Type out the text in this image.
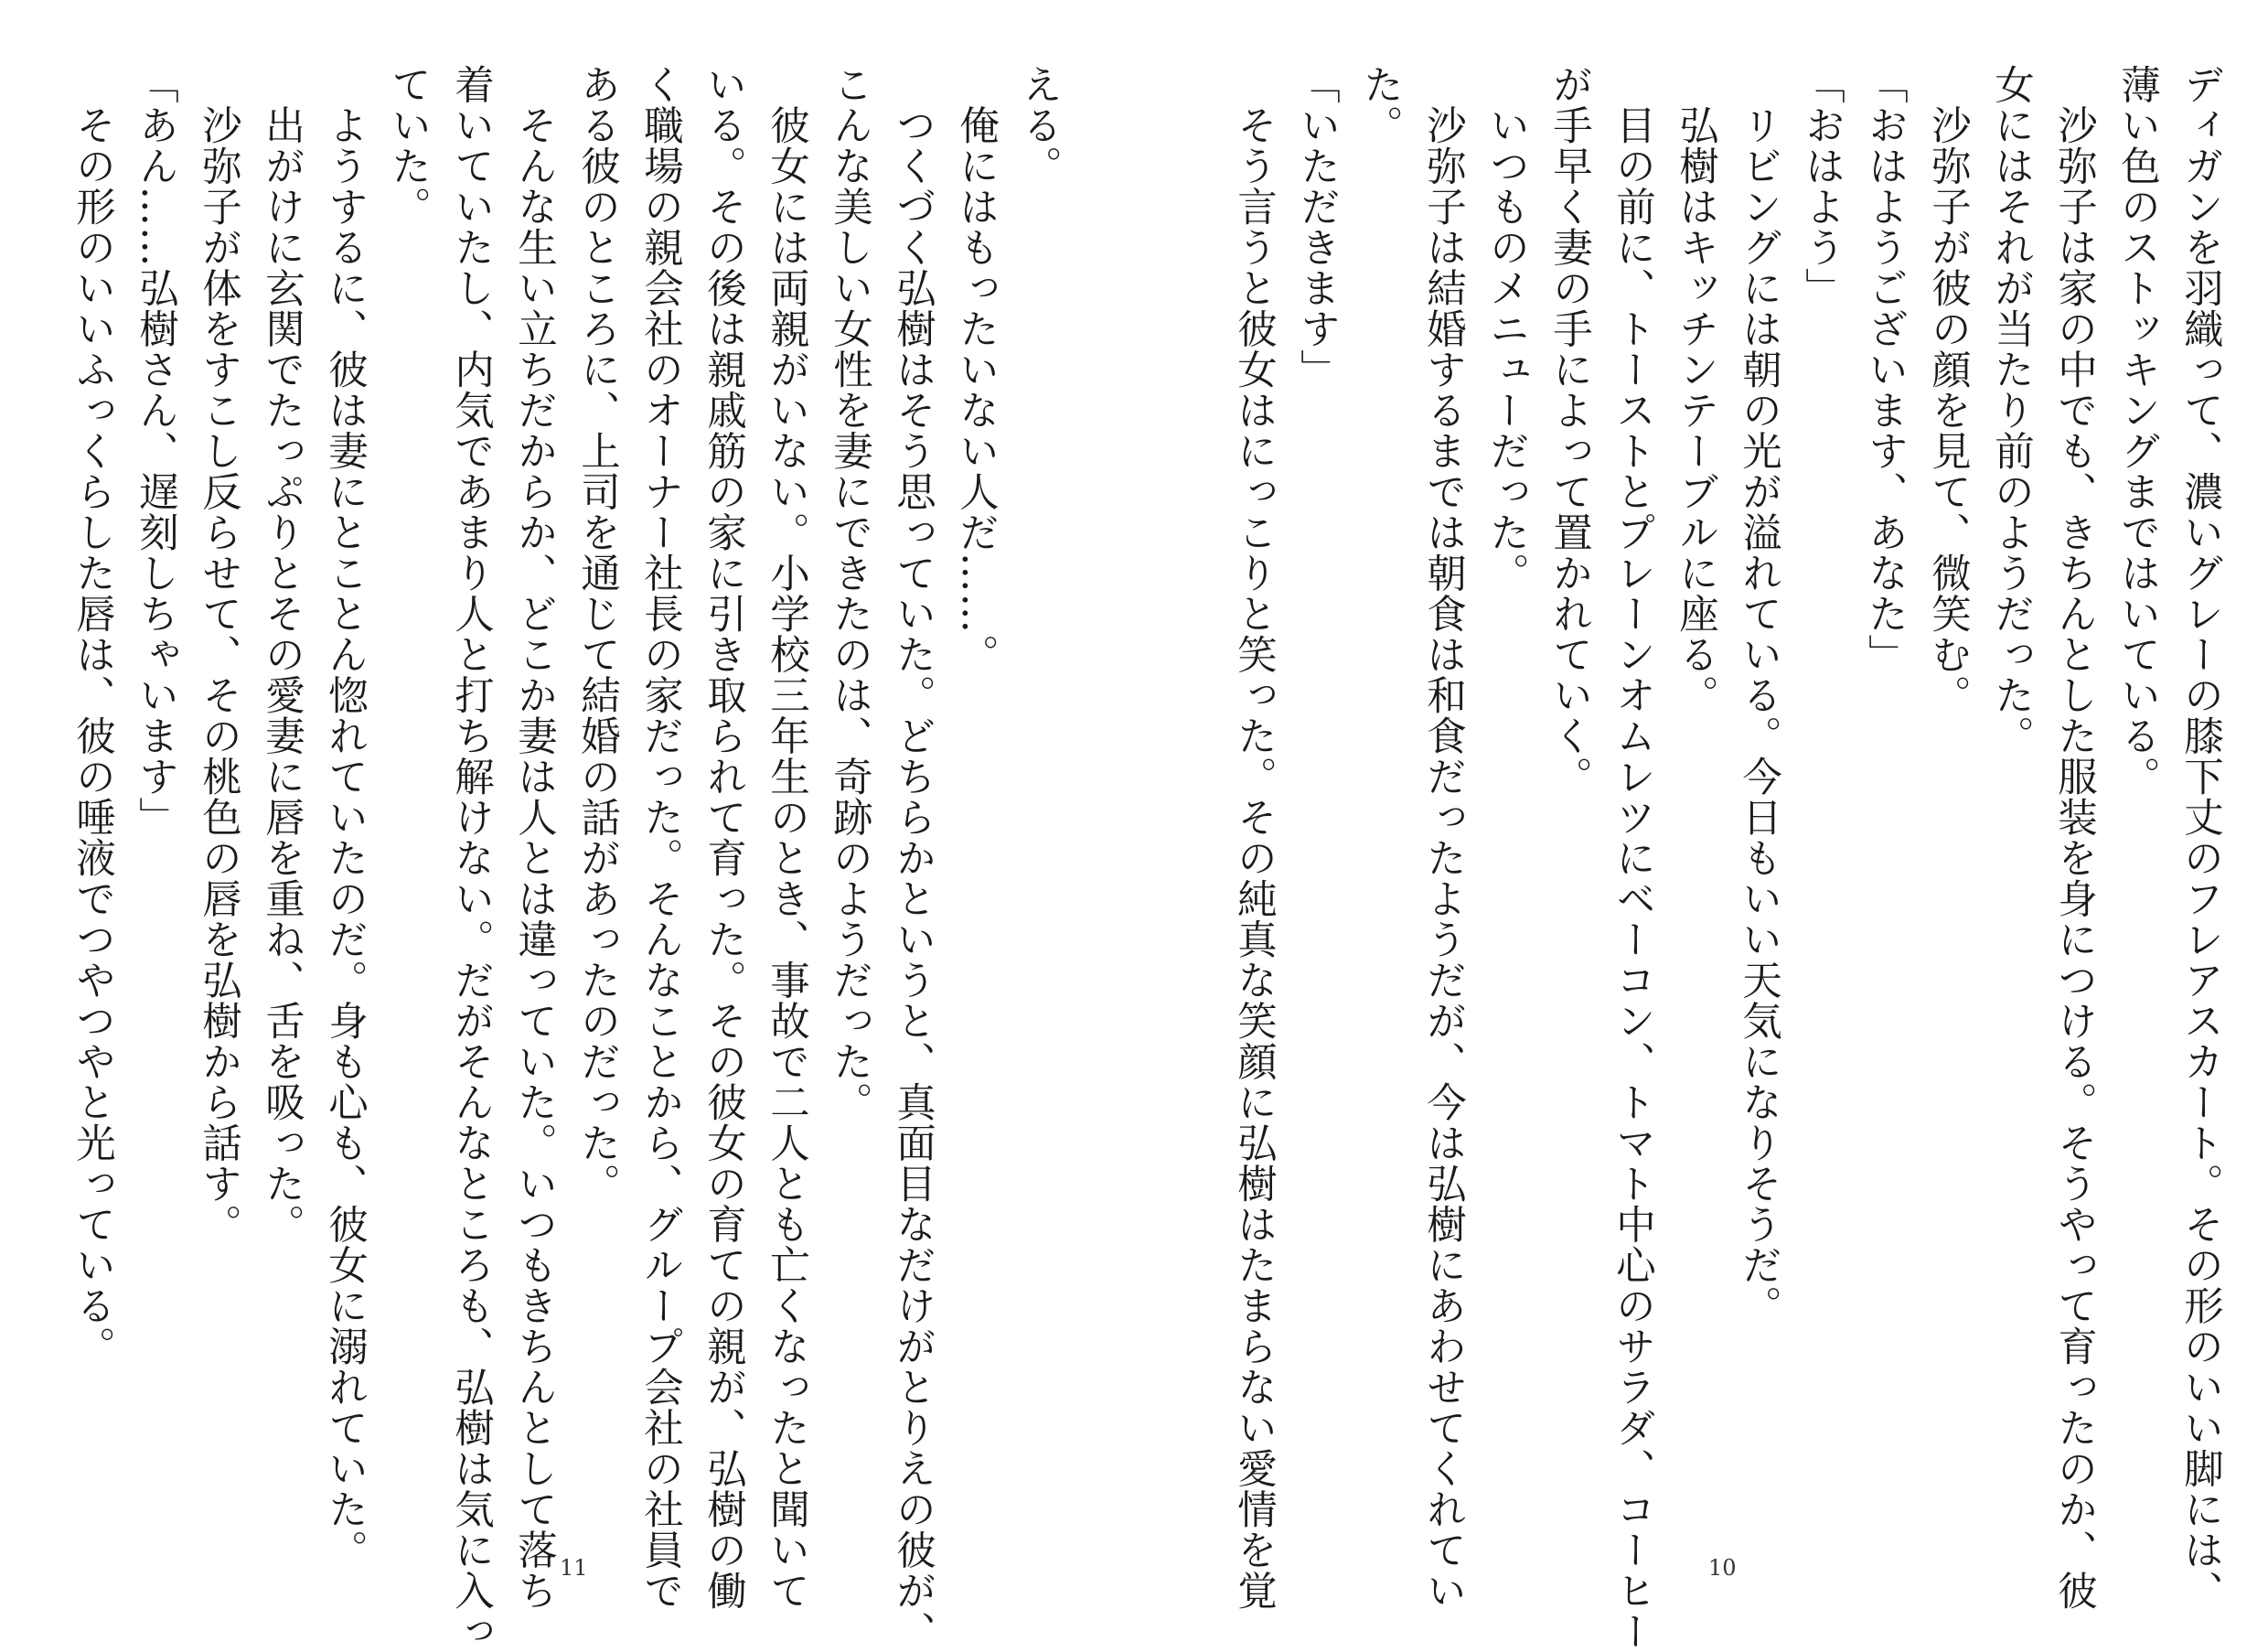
ディガンを羽織って、濃いグレーの膝下丈のフレアスカート。その形のいい脚には、
薄い色のストッキングまではいている。
　沙弥子は家の中でも、きちんとした服装を身につける。そうやって育ったのか、彼
女にはそれが当たり前のようだった。
　沙弥子が彼の顔を見て、微笑む。
「おはようございます、あなた」
「おはよう」
　リビングには朝の光が溢れている。今日もいい天気になりそうだ。
　弘樹はキッチンテーブルに座る。
　目の前に、トーストとプレーンオムレツにベーコン、トマト中心のサラダ、コーヒー
が手早く妻の手によって置かれていく。
　いつものメニューだった。
　沙弥子は結婚するまでは朝食は和食だったようだが、今は弘樹にあわせてくれてい
た。
「いただきます」
　そう言うと彼女はにっこりと笑った。その純真な笑顔に弘樹はたまらない愛情を覚	10
える。
　俺にはもったいない人だ……。
　つくづく弘樹はそう思っていた。どちらかというと、真面目なだけがとりえの彼が、
こんな美しい女性を妻にできたのは、奇跡のようだった。
　彼女には両親がいない。小学校三年生のとき、事故で二人とも亡くなったと聞いて
いる。その後は親戚筋の家に引き取られて育った。その彼女の育ての親が、弘樹の働
く職場の親会社のオーナー社長の家だった。そんなことから、グループ会社の社員で
ある彼のところに、上司を通じて結婚の話があったのだった。
　そんな生い立ちだからか、どこか妻は人とは違っていた。いつもきちんとして落ち
着いていたし、内気であまり人と打ち解けない。だがそんなところも、弘樹は気に入っ
ていた。
　ようするに、彼は妻にとことん惚れていたのだ。身も心も、彼女に溺れていた。
　出がけに玄関でたっぷりとその愛妻に唇を重ね、舌を吸った。
　沙弥子が体をすこし反らせて、その桃色の唇を弘樹から話す。
「あん……弘樹さん、遅刻しちゃいます」
　その形のいいふっくらした唇は、彼の唾液でつやつやと光っている。
11
